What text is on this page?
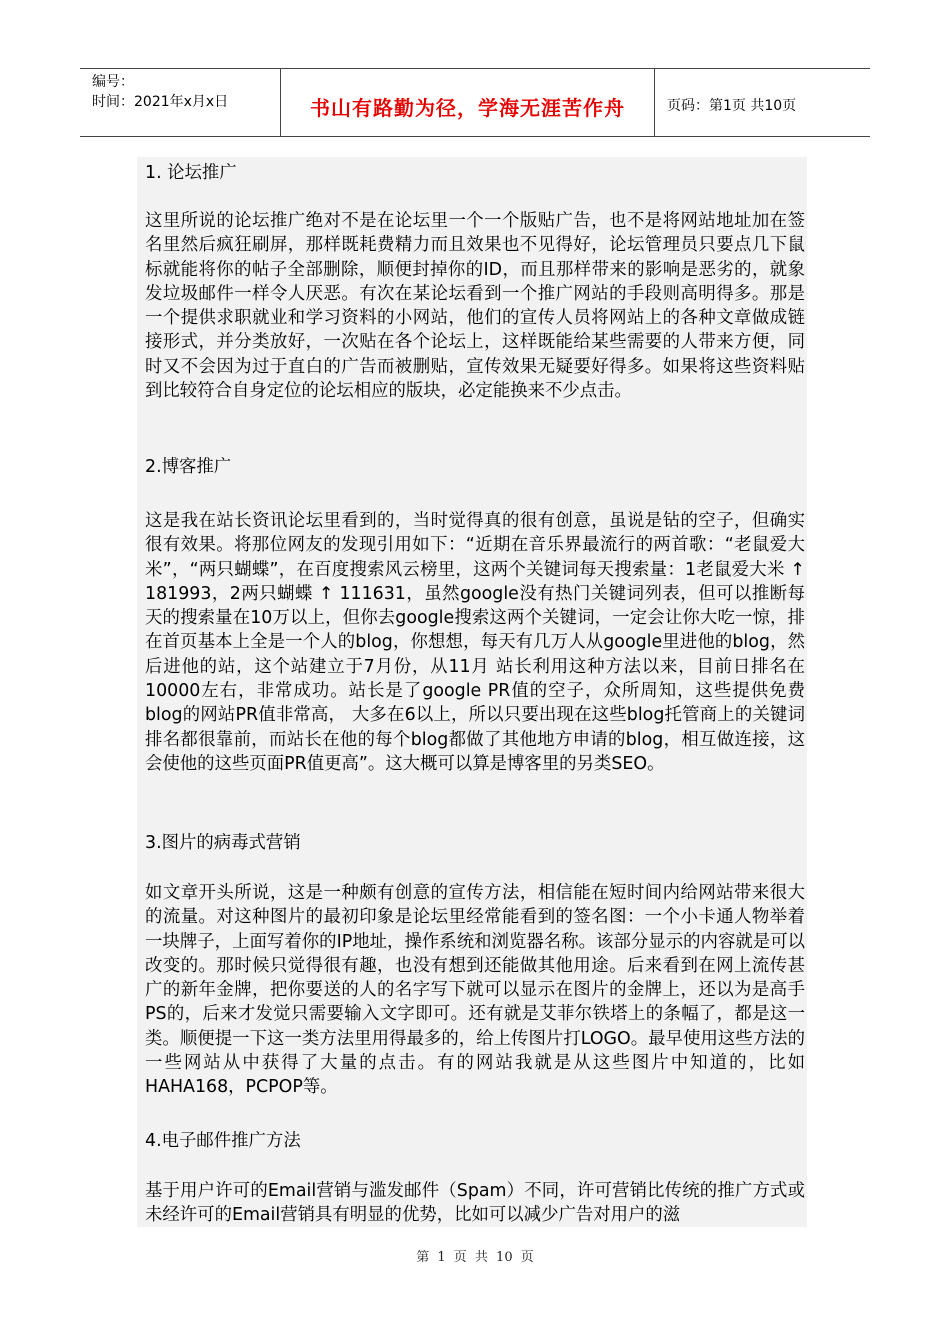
编号：
时间：2021年x月x日	书山有路勤为径，学海无涯苦作舟	页码：第1页 共10页

1. 论坛推广

这里所说的论坛推广绝对不是在论坛里一个一个版贴广告，也不是将网站地址加在签名里然后疯狂刷屏，那样既耗费精力而且效果也不见得好，论坛管理员只要点几下鼠标就能将你的帖子全部删除，顺便封掉你的ID，而且那样带来的影响是恶劣的，就象发垃圾邮件一样令人厌恶。有次在某论坛看到一个推广网站的手段则高明得多。那是一个提供求职就业和学习资料的小网站，他们的宣传人员将网站上的各种文章做成链接形式，并分类放好，一次贴在各个论坛上，这样既能给某些需要的人带来方便，同时又不会因为过于直白的广告而被删贴，宣传效果无疑要好得多。如果将这些资料贴到比较符合自身定位的论坛相应的版块，必定能换来不少点击。

2.博客推广

这是我在站长资讯论坛里看到的，当时觉得真的很有创意，虽说是钻的空子，但确实很有效果。将那位网友的发现引用如下：“近期在音乐界最流行的两首歌：“老鼠爱大米”，“两只蝴蝶”，在百度搜索风云榜里，这两个关键词每天搜索量：1老鼠爱大米 ↑ 181993，2两只蝴蝶 ↑ 111631，虽然google没有热门关键词列表，但可以推断每天的搜索量在10万以上，但你去google搜索这两个关键词，一定会让你大吃一惊，排在首页基本上全是一个人的blog，你想想，每天有几万人从google里进他的blog，然后进他的站，这个站建立于7月份，从11月 站长利用这种方法以来，目前日排名在10000左右，非常成功。站长是了google PR值的空子，众所周知，这些提供免费blog的网站PR值非常高， 大多在6以上，所以只要出现在这些blog托管商上的关键词排名都很靠前，而站长在他的每个blog都做了其他地方申请的blog，相互做连接，这会使他的这些页面PR值更高”。这大概可以算是博客里的另类SEO。

3.图片的病毒式营销

如文章开头所说，这是一种颇有创意的宣传方法，相信能在短时间内给网站带来很大的流量。对这种图片的最初印象是论坛里经常能看到的签名图：一个小卡通人物举着一块牌子，上面写着你的IP地址，操作系统和浏览器名称。该部分显示的内容就是可以改变的。那时候只觉得很有趣，也没有想到还能做其他用途。后来看到在网上流传甚广的新年金牌，把你要送的人的名字写下就可以显示在图片的金牌上，还以为是高手PS的，后来才发觉只需要输入文字即可。还有就是艾菲尔铁塔上的条幅了，都是这一类。顺便提一下这一类方法里用得最多的，给上传图片打LOGO。最早使用这些方法的一些网站从中获得了大量的点击。有的网站我就是从这些图片中知道的，比如HAHA168，PCPOP等。

4.电子邮件推广方法

基于用户许可的Email营销与滥发邮件（Spam）不同，许可营销比传统的推广方式或未经许可的Email营销具有明显的优势，比如可以减少广告对用户的滋

第 1 页 共 10 页
